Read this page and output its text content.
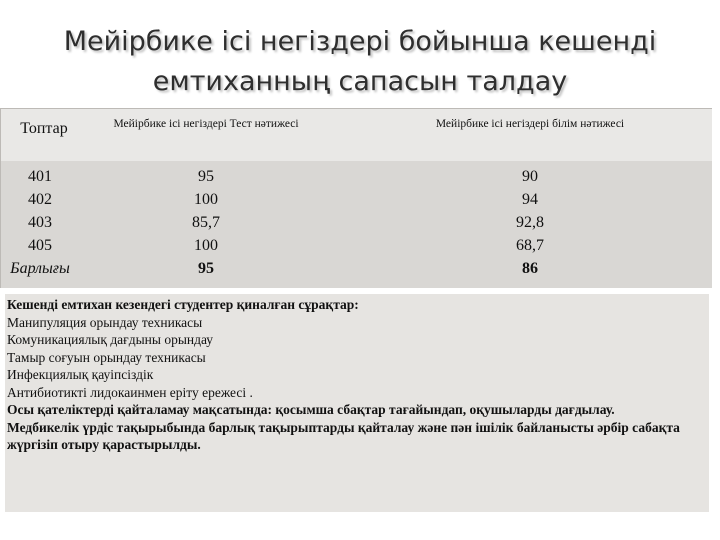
Мейірбике ісі негіздері бойынша кешенді
емтиханның сапасын талдау
Топтар	Мейірбике ісі негіздері Тест нәтижесі	Мейірбике ісі негіздері білім нәтижесі
401	95	90
402	100	94
403	85,7	92,8
405	100	68,7
Барлығы	95	86

Кешенді емтихан кезендегі студентер қиналған сұрақтар:

Манипуляция орындау техникасы

Комуникациялық дағдыны орындау

Тамыр соғуын орындау техникасы

Инфекциялық қауіпсіздік

Антибиотикті лидокаинмен еріту ережесі .

Осы қателіктерді қайталамау мақсатында: қосымша сбақтар тағайындап, оқушыларды дағдылау.

Медбикелік үрдіс тақырыбында барлық тақырыптарды қайталау және пән ішілік байланысты әрбір сабақта жүргізіп отыру қарастырылды.
